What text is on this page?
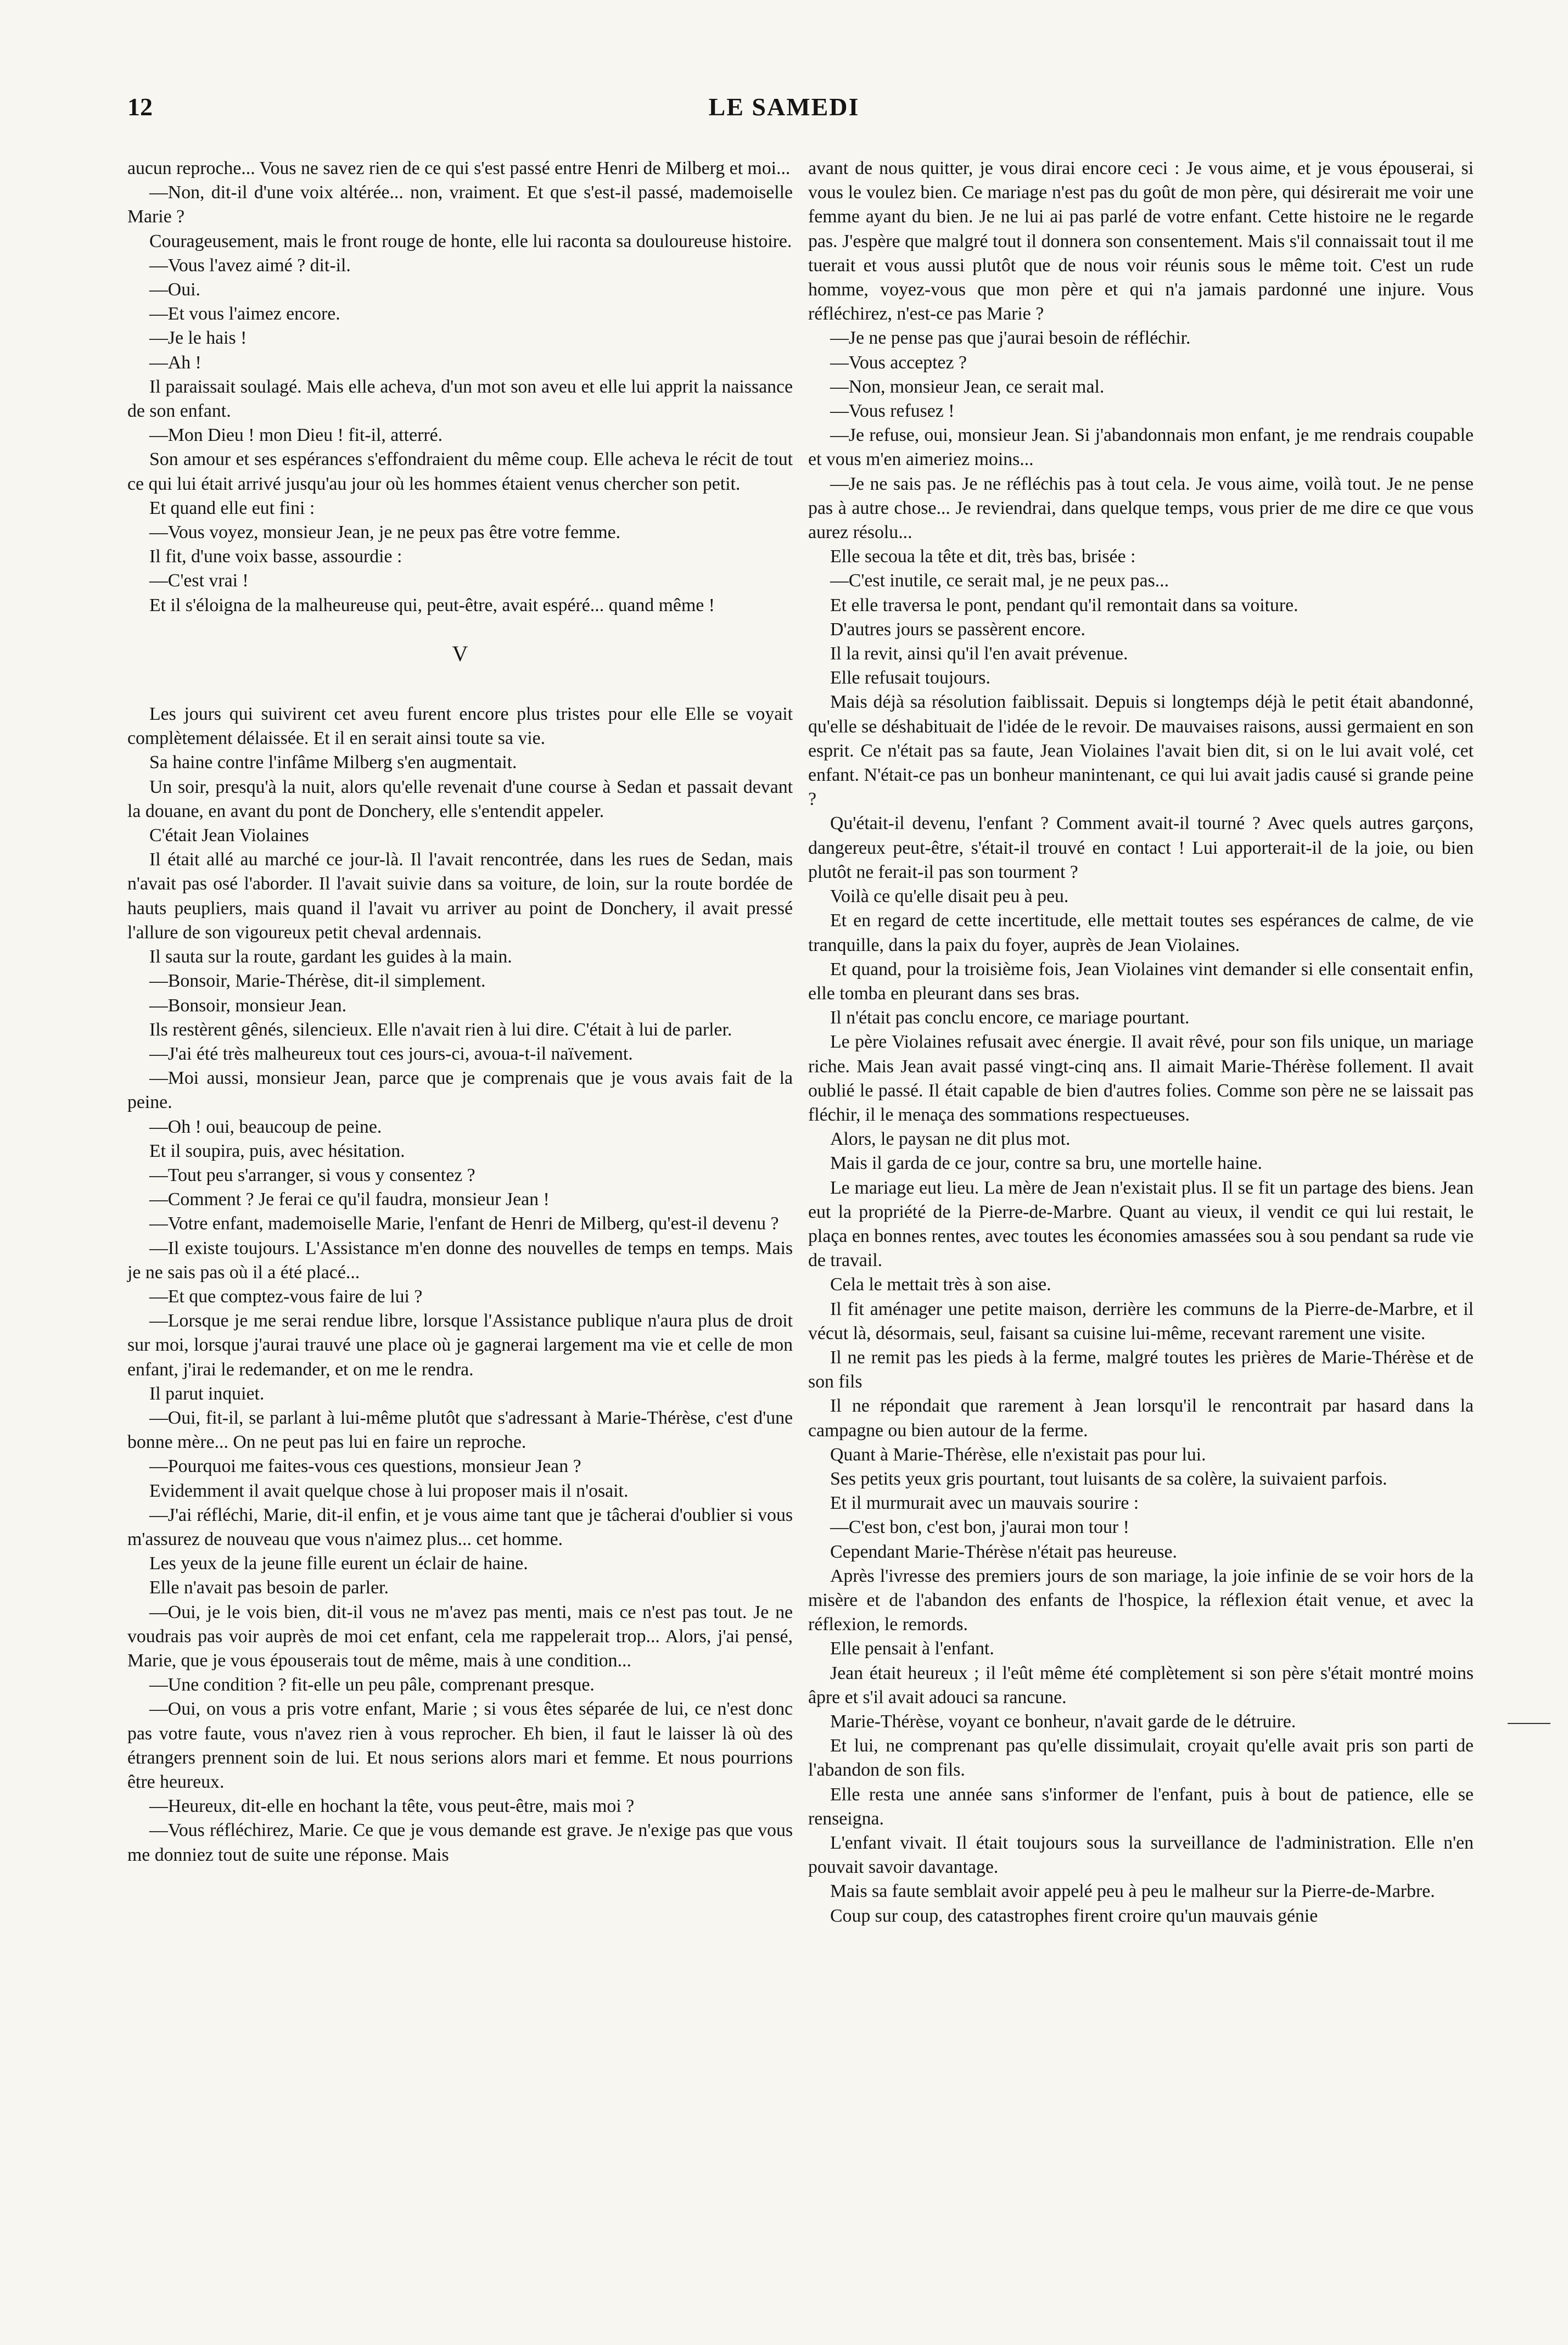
12	LE SAMEDI

aucun reproche... Vous ne savez rien de ce qui s'est passé entre Henri de Milberg et moi...

—Non, dit-il d'une voix altérée... non, vraiment. Et que s'est-il passé, mademoiselle Marie ?

Courageusement, mais le front rouge de honte, elle lui raconta sa douloureuse histoire.

—Vous l'avez aimé ? dit-il.

—Oui.

—Et vous l'aimez encore.

—Je le hais !

—Ah !

Il paraissait soulagé. Mais elle acheva, d'un mot son aveu et elle lui apprit la naissance de son enfant.

—Mon Dieu ! mon Dieu ! fit-il, atterré.

Son amour et ses espérances s'effondraient du même coup. Elle acheva le récit de tout ce qui lui était arrivé jusqu'au jour où les hommes étaient venus chercher son petit.

Et quand elle eut fini :

—Vous voyez, monsieur Jean, je ne peux pas être votre femme.

Il fit, d'une voix basse, assourdie :

—C'est vrai !

Et il s'éloigna de la malheureuse qui, peut-être, avait espéré... quand même !

V

Les jours qui suivirent cet aveu furent encore plus tristes pour elle Elle se voyait complètement délaissée. Et il en serait ainsi toute sa vie.

Sa haine contre l'infâme Milberg s'en augmentait.

Un soir, presqu'à la nuit, alors qu'elle revenait d'une course à Sedan et passait devant la douane, en avant du pont de Donchery, elle s'entendit appeler.

C'était Jean Violaines

Il était allé au marché ce jour-là. Il l'avait rencontrée, dans les rues de Sedan, mais n'avait pas osé l'aborder. Il l'avait suivie dans sa voiture, de loin, sur la route bordée de hauts peupliers, mais quand il l'avait vu arriver au point de Donchery, il avait pressé l'allure de son vigoureux petit cheval ardennais.

Il sauta sur la route, gardant les guides à la main.

—Bonsoir, Marie-Thérèse, dit-il simplement.

—Bonsoir, monsieur Jean.

Ils restèrent gênés, silencieux. Elle n'avait rien à lui dire. C'était à lui de parler.

—J'ai été très malheureux tout ces jours-ci, avoua-t-il naïvement.

—Moi aussi, monsieur Jean, parce que je comprenais que je vous avais fait de la peine.

—Oh ! oui, beaucoup de peine.

Et il soupira, puis, avec hésitation.

—Tout peu s'arranger, si vous y consentez ?

—Comment ? Je ferai ce qu'il faudra, monsieur Jean !

—Votre enfant, mademoiselle Marie, l'enfant de Henri de Milberg, qu'est-il devenu ?

—Il existe toujours. L'Assistance m'en donne des nouvelles de temps en temps. Mais je ne sais pas où il a été placé...

—Et que comptez-vous faire de lui ?

—Lorsque je me serai rendue libre, lorsque l'Assistance publique n'aura plus de droit sur moi, lorsque j'aurai trauvé une place où je gagnerai largement ma vie et celle de mon enfant, j'irai le redemander, et on me le rendra.

Il parut inquiet.

—Oui, fit-il, se parlant à lui-même plutôt que s'adressant à Marie-Thérèse, c'est d'une bonne mère... On ne peut pas lui en faire un reproche.

—Pourquoi me faites-vous ces questions, monsieur Jean ?

Evidemment il avait quelque chose à lui proposer mais il n'osait.

—J'ai réfléchi, Marie, dit-il enfin, et je vous aime tant que je tâcherai d'oublier si vous m'assurez de nouveau que vous n'aimez plus... cet homme.

Les yeux de la jeune fille eurent un éclair de haine.

Elle n'avait pas besoin de parler.

—Oui, je le vois bien, dit-il vous ne m'avez pas menti, mais ce n'est pas tout. Je ne voudrais pas voir auprès de moi cet enfant, cela me rappelerait trop... Alors, j'ai pensé, Marie, que je vous épouserais tout de même, mais à une condition...

—Une condition ? fit-elle un peu pâle, comprenant presque.

—Oui, on vous a pris votre enfant, Marie ; si vous êtes séparée de lui, ce n'est donc pas votre faute, vous n'avez rien à vous reprocher. Eh bien, il faut le laisser là où des étrangers prennent soin de lui. Et nous serions alors mari et femme. Et nous pourrions être heureux.

—Heureux, dit-elle en hochant la tête, vous peut-être, mais moi ?

—Vous réfléchirez, Marie. Ce que je vous demande est grave. Je n'exige pas que vous me donniez tout de suite une réponse. Mais

avant de nous quitter, je vous dirai encore ceci : Je vous aime, et je vous épouserai, si vous le voulez bien. Ce mariage n'est pas du goût de mon père, qui désirerait me voir une femme ayant du bien. Je ne lui ai pas parlé de votre enfant. Cette histoire ne le regarde pas. J'espère que malgré tout il donnera son consentement. Mais s'il connaissait tout il me tuerait et vous aussi plutôt que de nous voir réunis sous le même toit. C'est un rude homme, voyez-vous que mon père et qui n'a jamais pardonné une injure. Vous réfléchirez, n'est-ce pas Marie ?

—Je ne pense pas que j'aurai besoin de réfléchir.

—Vous acceptez ?

—Non, monsieur Jean, ce serait mal.

—Vous refusez !

—Je refuse, oui, monsieur Jean. Si j'abandonnais mon enfant, je me rendrais coupable et vous m'en aimeriez moins...

—Je ne sais pas. Je ne réfléchis pas à tout cela. Je vous aime, voilà tout. Je ne pense pas à autre chose... Je reviendrai, dans quelque temps, vous prier de me dire ce que vous aurez résolu...

Elle secoua la tête et dit, très bas, brisée :

—C'est inutile, ce serait mal, je ne peux pas...

Et elle traversa le pont, pendant qu'il remontait dans sa voiture.

D'autres jours se passèrent encore.

Il la revit, ainsi qu'il l'en avait prévenue.

Elle refusait toujours.

Mais déjà sa résolution faiblissait. Depuis si longtemps déjà le petit était abandonné, qu'elle se déshabituait de l'idée de le revoir. De mauvaises raisons, aussi germaient en son esprit. Ce n'était pas sa faute, Jean Violaines l'avait bien dit, si on le lui avait volé, cet enfant. N'était-ce pas un bonheur manintenant, ce qui lui avait jadis causé si grande peine ?

Qu'était-il devenu, l'enfant ? Comment avait-il tourné ? Avec quels autres garçons, dangereux peut-être, s'était-il trouvé en contact ! Lui apporterait-il de la joie, ou bien plutôt ne ferait-il pas son tourment ?

Voilà ce qu'elle disait peu à peu.

Et en regard de cette incertitude, elle mettait toutes ses espérances de calme, de vie tranquille, dans la paix du foyer, auprès de Jean Violaines.

Et quand, pour la troisième fois, Jean Violaines vint demander si elle consentait enfin, elle tomba en pleurant dans ses bras.

Il n'était pas conclu encore, ce mariage pourtant.

Le père Violaines refusait avec énergie. Il avait rêvé, pour son fils unique, un mariage riche. Mais Jean avait passé vingt-cinq ans. Il aimait Marie-Thérèse follement. Il avait oublié le passé. Il était capable de bien d'autres folies. Comme son père ne se laissait pas fléchir, il le menaça des sommations respectueuses.

Alors, le paysan ne dit plus mot.

Mais il garda de ce jour, contre sa bru, une mortelle haine.

Le mariage eut lieu. La mère de Jean n'existait plus. Il se fit un partage des biens. Jean eut la propriété de la Pierre-de-Marbre. Quant au vieux, il vendit ce qui lui restait, le plaça en bonnes rentes, avec toutes les économies amassées sou à sou pendant sa rude vie de travail.

Cela le mettait très à son aise.

Il fit aménager une petite maison, derrière les communs de la Pierre-de-Marbre, et il vécut là, désormais, seul, faisant sa cuisine lui-même, recevant rarement une visite.

Il ne remit pas les pieds à la ferme, malgré toutes les prières de Marie-Thérèse et de son fils

Il ne répondait que rarement à Jean lorsqu'il le rencontrait par hasard dans la campagne ou bien autour de la ferme.

Quant à Marie-Thérèse, elle n'existait pas pour lui.

Ses petits yeux gris pourtant, tout luisants de sa colère, la suivaient parfois.

Et il murmurait avec un mauvais sourire :

—C'est bon, c'est bon, j'aurai mon tour !

Cependant Marie-Thérèse n'était pas heureuse.

Après l'ivresse des premiers jours de son mariage, la joie infinie de se voir hors de la misère et de l'abandon des enfants de l'hospice, la réflexion était venue, et avec la réflexion, le remords.

Elle pensait à l'enfant.

Jean était heureux ; il l'eût même été complètement si son père s'était montré moins âpre et s'il avait adouci sa rancune.

Marie-Thérèse, voyant ce bonheur, n'avait garde de le détruire.

Et lui, ne comprenant pas qu'elle dissimulait, croyait qu'elle avait pris son parti de l'abandon de son fils.

Elle resta une année sans s'informer de l'enfant, puis à bout de patience, elle se renseigna.

L'enfant vivait. Il était toujours sous la surveillance de l'administration. Elle n'en pouvait savoir davantage.

Mais sa faute semblait avoir appelé peu à peu le malheur sur la Pierre-de-Marbre.

Coup sur coup, des catastrophes firent croire qu'un mauvais génie
